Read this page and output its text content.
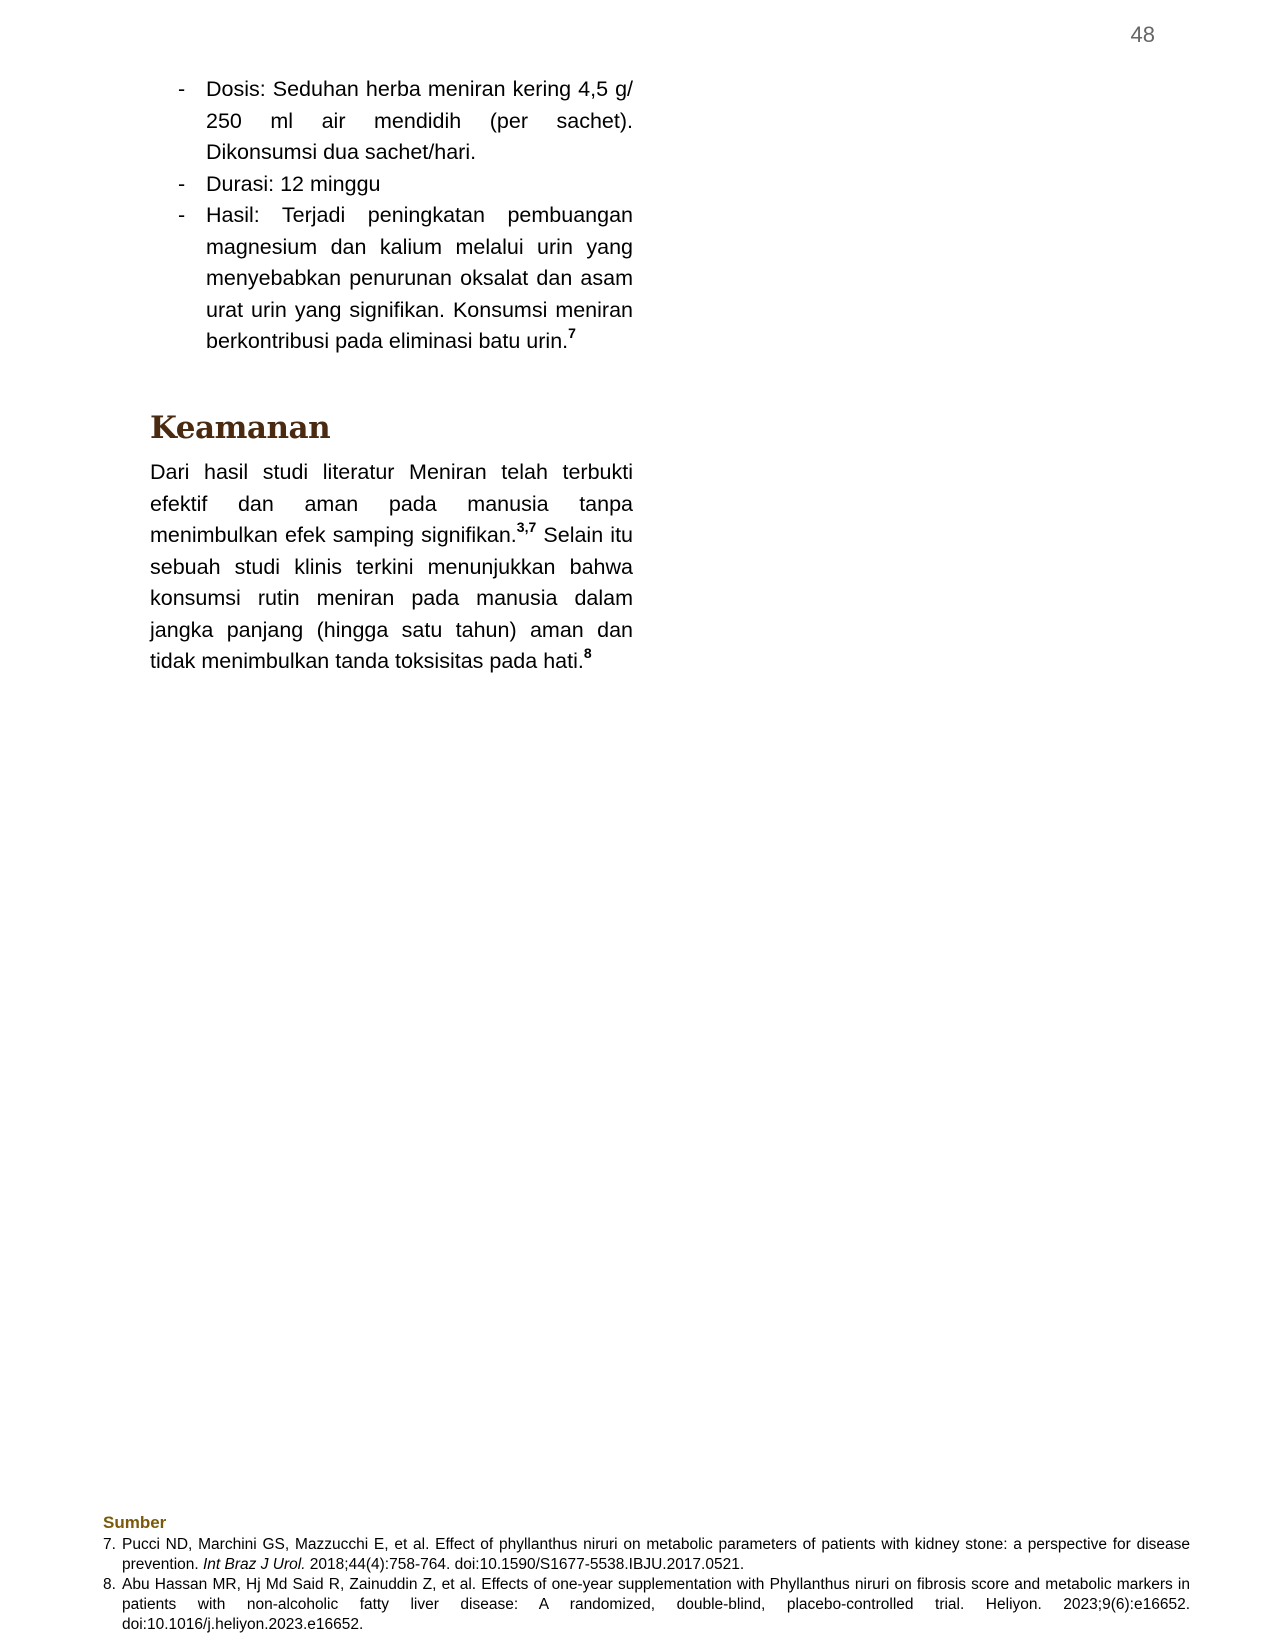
48
- Dosis: Seduhan herba meniran kering 4,5 g/ 250 ml air mendidih (per sachet). Dikonsumsi dua sachet/hari.
- Durasi: 12 minggu
- Hasil: Terjadi peningkatan pembuangan magnesium dan kalium melalui urin yang menyebabkan penurunan oksalat dan asam urat urin yang signifikan. Konsumsi meniran berkontribusi pada eliminasi batu urin.$^7$
Keamanan

Dari hasil studi literatur Meniran telah terbukti efektif dan aman pada manusia tanpa menimbulkan efek samping signifikan.$^{3,7}$ Selain itu sebuah studi klinis terkini menunjukkan bahwa konsumsi rutin meniran pada manusia dalam jangka panjang (hingga satu tahun) aman dan tidak menimbulkan tanda toksisitas pada hati.$^8$

Sumber
7. Pucci ND, Marchini GS, Mazzucchi E, et al. Effect of phyllanthus niruri on metabolic parameters of patients with kidney stone: a perspective for disease prevention. Int Braz J Urol. 2018;44(4):758-764. doi:10.1590/S1677-5538.IBJU.2017.0521.
8. Abu Hassan MR, Hj Md Said R, Zainuddin Z, et al. Effects of one-year supplementation with Phyllanthus niruri on fibrosis score and metabolic markers in patients with non-alcoholic fatty liver disease: A randomized, double-blind, placebo-controlled trial. Heliyon. 2023;9(6):e16652. doi:10.1016/j.heliyon.2023.e16652.
